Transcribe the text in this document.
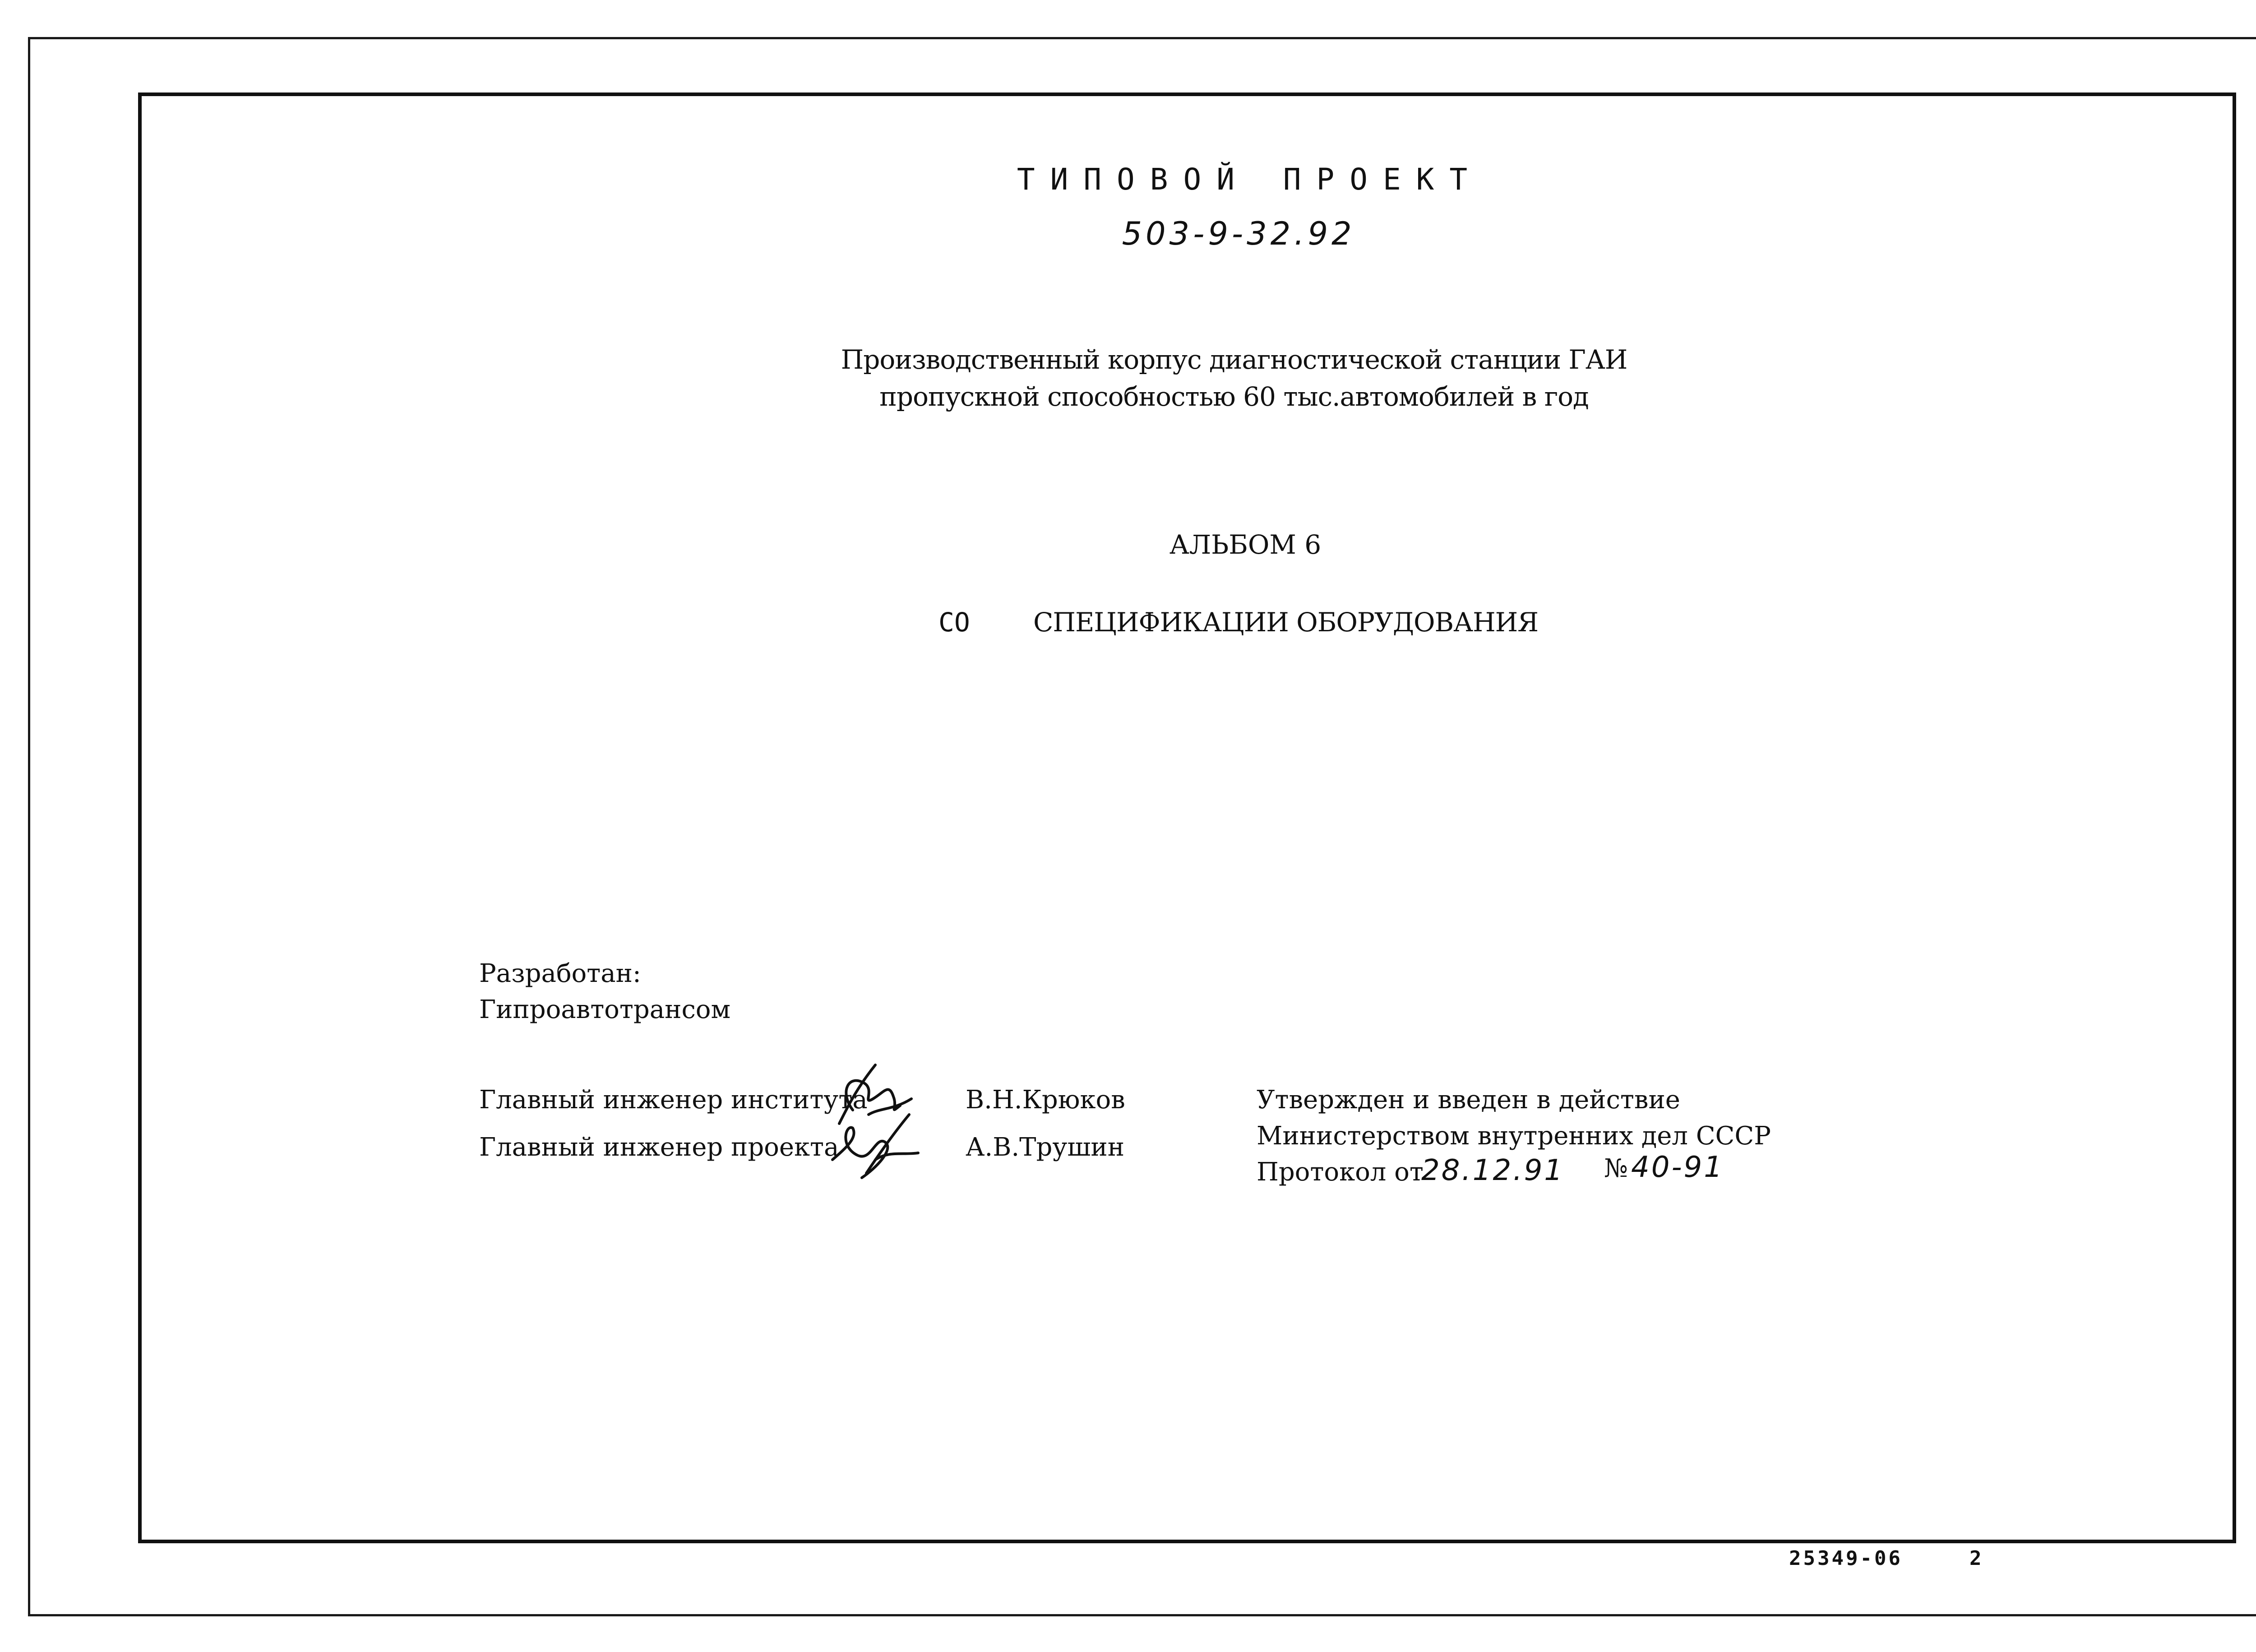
ТИПОВОЙ ПРОЕКТ
503-9-32.92
Производственный корпус диагностической станции ГАИ
пропускной способностью 60 тыс.автомобилей в год
АЛЬБОМ 6
СО СПЕЦИФИКАЦИИ ОБОРУДОВАНИЯ
Разработан:
Гипроавтотрансом
Главный инженер института
Главный инженер проекта
В.Н.Крюков
А.В.Трушин
Утвержден и введен в действие
Министерством внутренних дел СССР
Протокол от
28.12.91 № 40-91
25349-06	2
